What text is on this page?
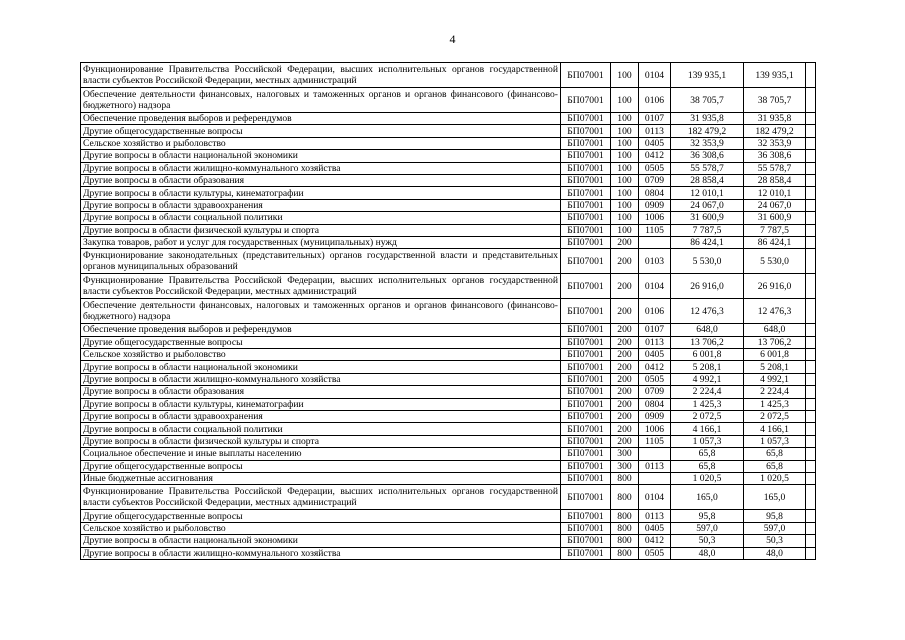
4
Функционирование Правительства Российской Федерации, высших исполнительных органов государственной власти субъектов Российской Федерации, местных администраций	БП07001	100	0104	139 935,1	139 935,1	
Обеспечение деятельности финансовых, налоговых и таможенных органов и органов финансового (финансово-бюджетного) надзора	БП07001	100	0106	38 705,7	38 705,7	
Обеспечение проведения выборов и референдумов	БП07001	100	0107	31 935,8	31 935,8	
Другие общегосударственные вопросы	БП07001	100	0113	182 479,2	182 479,2	
Сельское хозяйство и рыболовство	БП07001	100	0405	32 353,9	32 353,9	
Другие вопросы в области национальной экономики	БП07001	100	0412	36 308,6	36 308,6	
Другие вопросы в области жилищно-коммунального хозяйства	БП07001	100	0505	55 578,7	55 578,7	
Другие вопросы в области образования	БП07001	100	0709	28 858,4	28 858,4	
Другие вопросы в области культуры, кинематографии	БП07001	100	0804	12 010,1	12 010,1	
Другие вопросы в области здравоохранения	БП07001	100	0909	24 067,0	24 067,0	
Другие вопросы в области социальной политики	БП07001	100	1006	31 600,9	31 600,9	
Другие вопросы в области физической культуры и спорта	БП07001	100	1105	7 787,5	7 787,5	
Закупка товаров, работ и услуг для государственных (муниципальных) нужд	БП07001	200		86 424,1	86 424,1	
Функционирование законодательных (представительных) органов государственной власти и представительных органов муниципальных образований	БП07001	200	0103	5 530,0	5 530,0	
Функционирование Правительства Российской Федерации, высших исполнительных органов государственной власти субъектов Российской Федерации, местных администраций	БП07001	200	0104	26 916,0	26 916,0	
Обеспечение деятельности финансовых, налоговых и таможенных органов и органов финансового (финансово-бюджетного) надзора	БП07001	200	0106	12 476,3	12 476,3	
Обеспечение проведения выборов и референдумов	БП07001	200	0107	648,0	648,0	
Другие общегосударственные вопросы	БП07001	200	0113	13 706,2	13 706,2	
Сельское хозяйство и рыболовство	БП07001	200	0405	6 001,8	6 001,8	
Другие вопросы в области национальной экономики	БП07001	200	0412	5 208,1	5 208,1	
Другие вопросы в области жилищно-коммунального хозяйства	БП07001	200	0505	4 992,1	4 992,1	
Другие вопросы в области образования	БП07001	200	0709	2 224,4	2 224,4	
Другие вопросы в области культуры, кинематографии	БП07001	200	0804	1 425,3	1 425,3	
Другие вопросы в области здравоохранения	БП07001	200	0909	2 072,5	2 072,5	
Другие вопросы в области социальной политики	БП07001	200	1006	4 166,1	4 166,1	
Другие вопросы в области физической культуры и спорта	БП07001	200	1105	1 057,3	1 057,3	
Социальное обеспечение и иные выплаты населению	БП07001	300		65,8	65,8	
Другие общегосударственные вопросы	БП07001	300	0113	65,8	65,8	
Иные бюджетные ассигнования	БП07001	800		1 020,5	1 020,5	
Функционирование Правительства Российской Федерации, высших исполнительных органов государственной власти субъектов Российской Федерации, местных администраций	БП07001	800	0104	165,0	165,0	
Другие общегосударственные вопросы	БП07001	800	0113	95,8	95,8	
Сельское хозяйство и рыболовство	БП07001	800	0405	597,0	597,0	
Другие вопросы в области национальной экономики	БП07001	800	0412	50,3	50,3	
Другие вопросы в области жилищно-коммунального хозяйства	БП07001	800	0505	48,0	48,0	
